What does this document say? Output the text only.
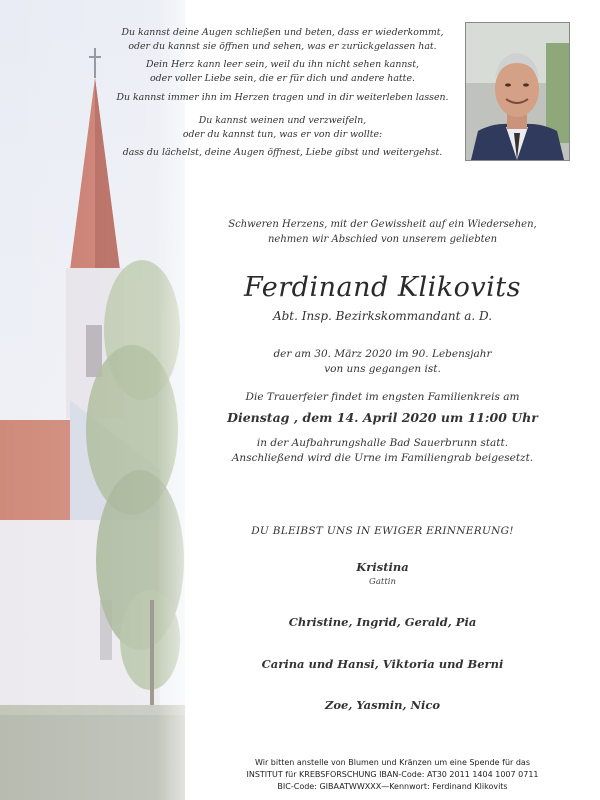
Du kannst deine Augen schließen und beten, dass er wiederkommt,
oder du kannst sie öffnen und sehen, was er zurückgelassen hat.
Dein Herz kann leer sein, weil du ihn nicht sehen kannst,
oder voller Liebe sein, die er für dich und andere hatte.
Du kannst immer ihn im Herzen tragen und in dir weiterleben lassen.
Du kannst weinen und verzweifeln,
oder du kannst tun, was er von dir wollte:
dass du lächelst, deine Augen öffnest, Liebe gibst und weitergehst.
Schweren Herzens, mit der Gewissheit auf ein Wiedersehen,
nehmen wir Abschied von unserem geliebten
Ferdinand Klikovits
Abt. Insp. Bezirkskommandant a. D.
der am 30. März 2020 im 90. Lebensjahr
von uns gegangen ist.
Die Trauerfeier findet im engsten Familienkreis am
Dienstag , dem 14. April 2020 um 11:00 Uhr
in der Aufbahrungshalle Bad Sauerbrunn statt.
Anschließend wird die Urne im Familiengrab beigesetzt.
DU BLEIBST UNS IN EWIGER ERINNERUNG!
Kristina
Gattin
Christine, Ingrid, Gerald, Pia
Carina und Hansi, Viktoria und Berni
Zoe, Yasmin, Nico
Wir bitten anstelle von Blumen und Kränzen um eine Spende für das
INSTITUT für KREBSFORSCHUNG IBAN-Code: AT30 2011 1404 1007 0711
BIC-Code: GIBAATWWXXX—Kennwort: Ferdinand Klikovits
